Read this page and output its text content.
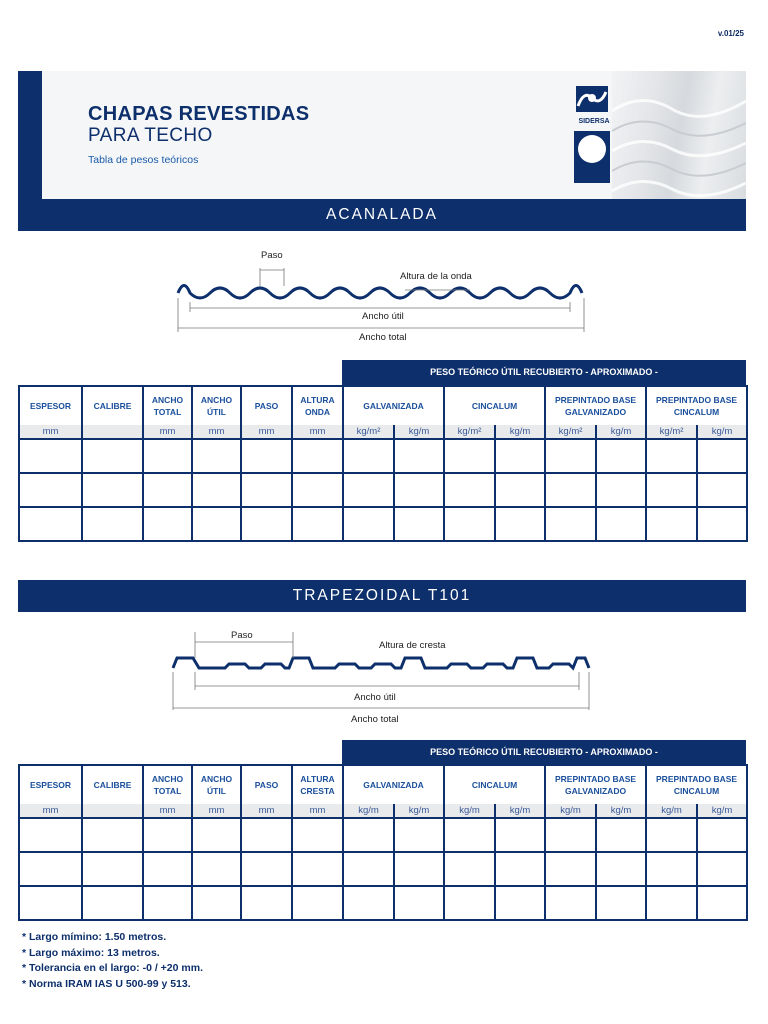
v.01/25
CHAPAS REVESTIDAS
PARA TECHO
Tabla de pesos teóricos
SIDERSA
ACANALADA
Paso
Altura de la onda
Ancho útil
Ancho total
PESO TEÓRICO ÚTIL RECUBIERTO - APROXIMADO -
ESPESOR	CALIBRE	ANCHO TOTAL	ANCHO ÚTIL	PASO	ALTURA ONDA	GALVANIZADA		CINCALUM		PREPINTADO BASE GALVANIZADO		PREPINTADO BASE CINCALUM	
mm		mm	mm	mm	mm	kg/m²	kg/m	kg/m²	kg/m	kg/m²	kg/m	kg/m²	kg/m

TRAPEZOIDAL T101
Paso
Altura de cresta
Ancho útil
Ancho total
PESO TEÓRICO ÚTIL RECUBIERTO - APROXIMADO -
ESPESOR	CALIBRE	ANCHO TOTAL	ANCHO ÚTIL	PASO	ALTURA CRESTA	GALVANIZADA		CINCALUM		PREPINTADO BASE GALVANIZADO		PREPINTADO BASE CINCALUM	
mm		mm	mm	mm	mm	kg/m	kg/m	kg/m	kg/m	kg/m	kg/m	kg/m	kg/m

* Largo mímino: 1.50 metros.
* Largo máximo: 13 metros.
* Tolerancia en el largo: -0 / +20 mm.
* Norma IRAM IAS U 500-99 y 513.
